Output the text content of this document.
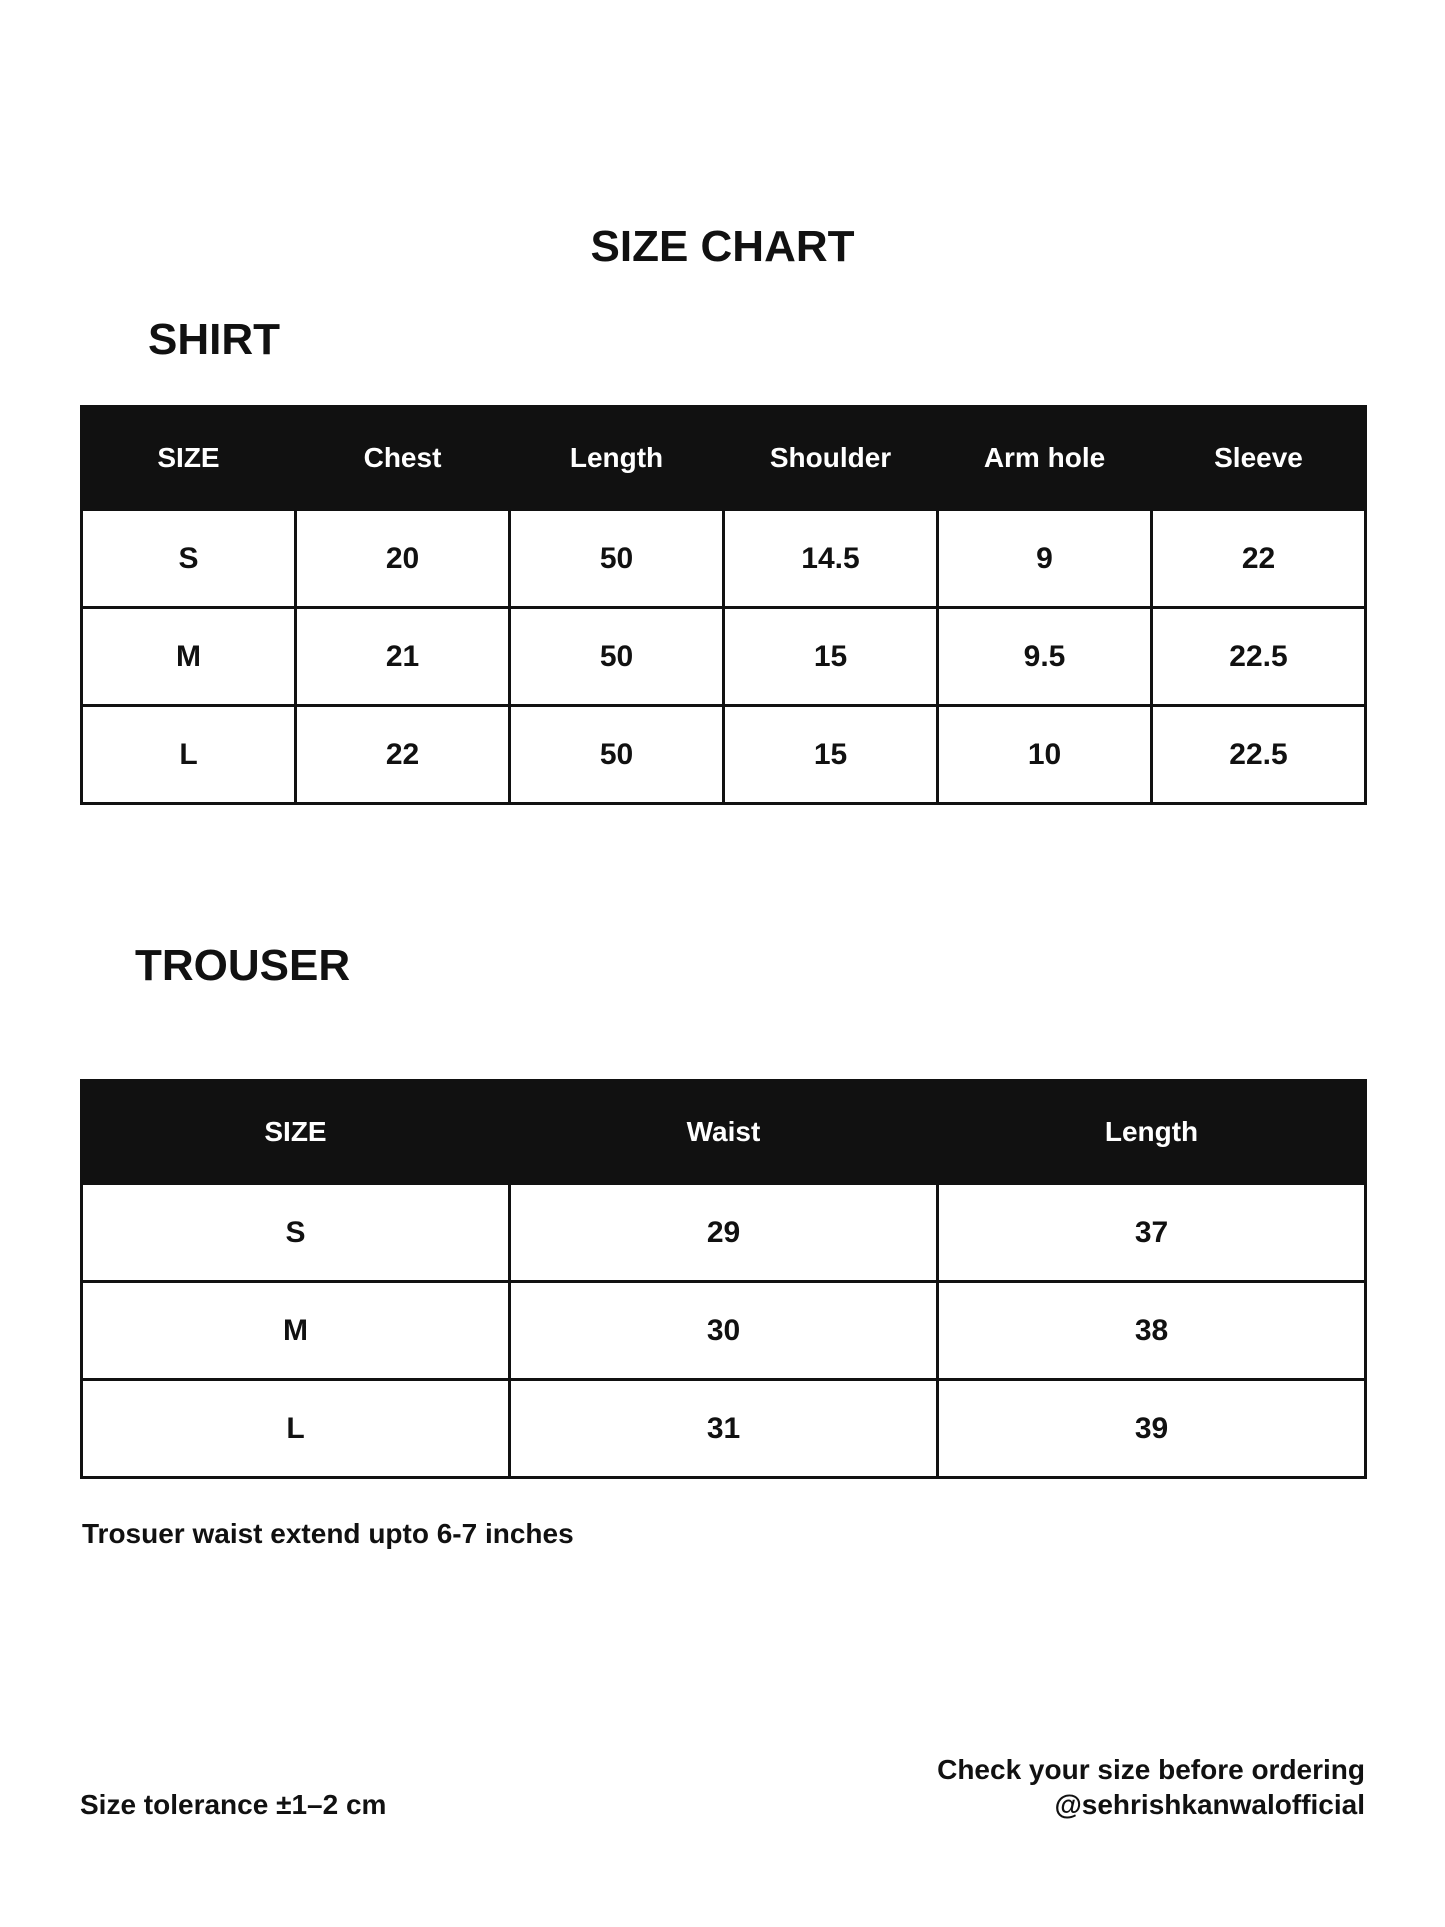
SIZE CHART
SHIRT
SIZE	Chest	Length	Shoulder	Arm hole	Sleeve
S	20	50	14.5	9	22
M	21	50	15	9.5	22.5
L	22	50	15	10	22.5
TROUSER
SIZE	Waist	Length
S	29	37
M	30	38
L	31	39
Trosuer waist extend upto 6-7 inches
Size tolerance ±1–2 cm
Check your size before ordering
@sehrishkanwalofficial
